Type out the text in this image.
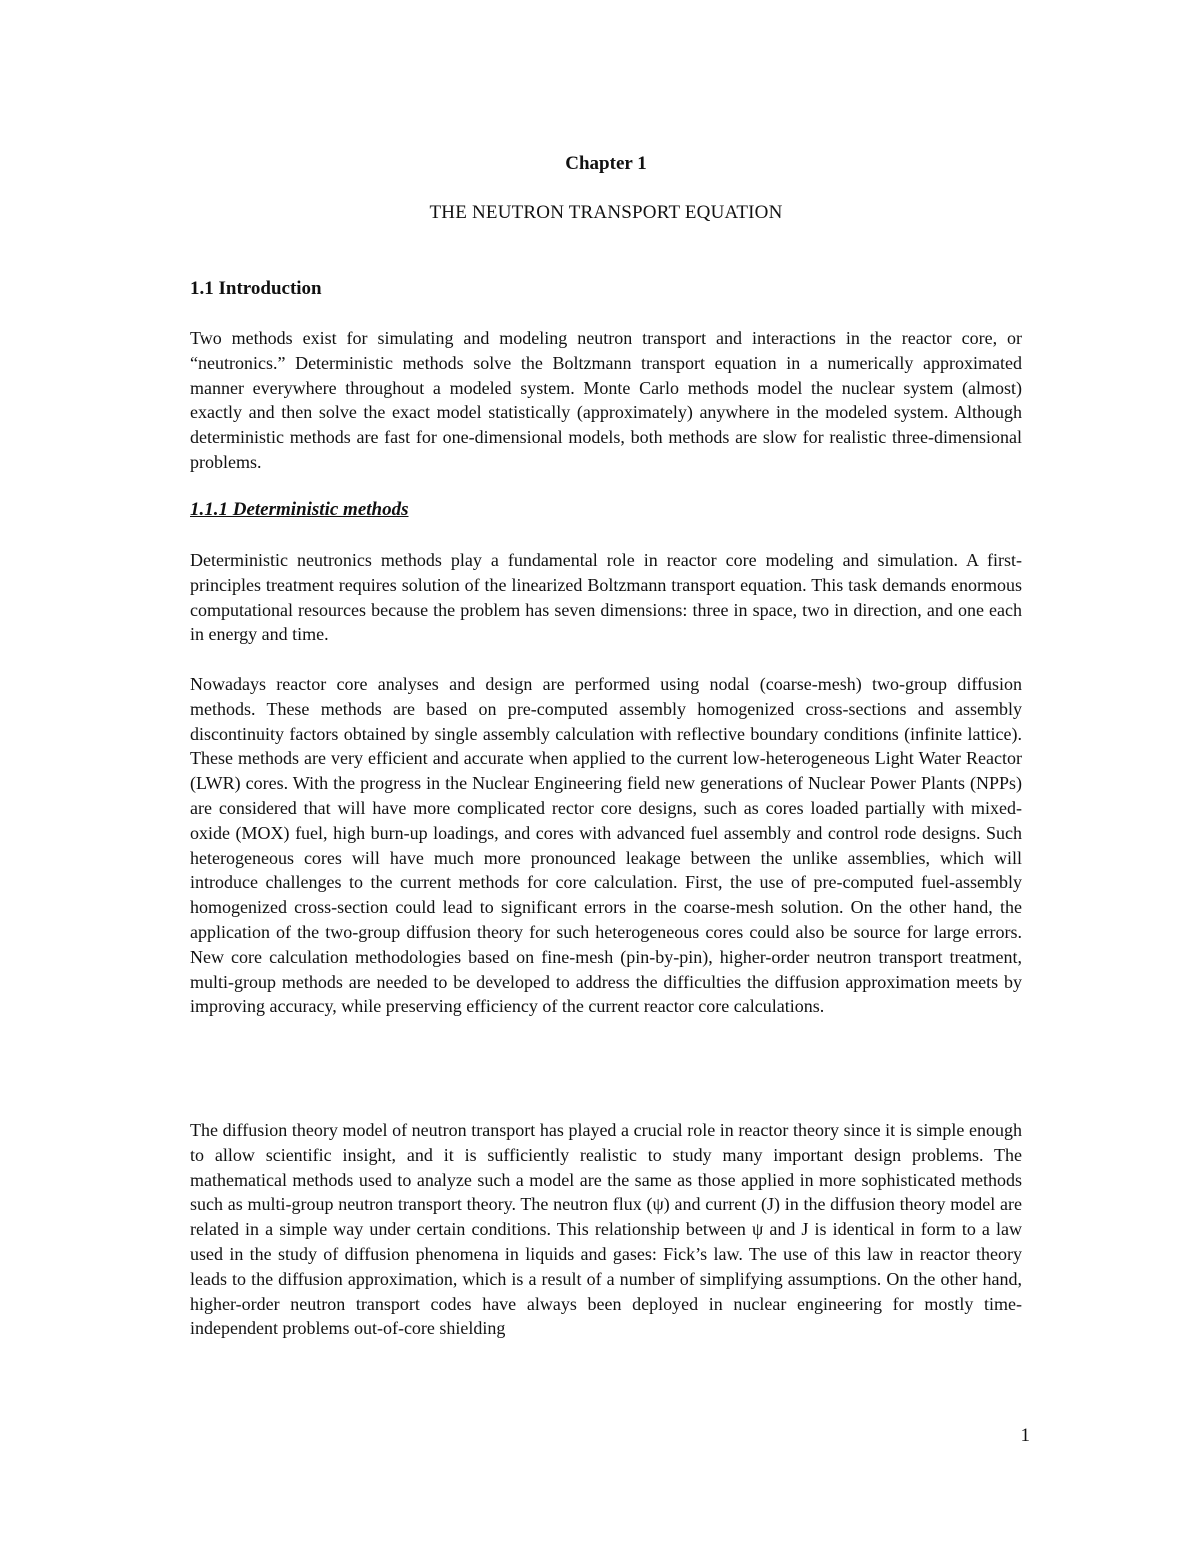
Chapter 1
THE NEUTRON TRANSPORT EQUATION
1.1 Introduction

Two methods exist for simulating and modeling neutron transport and interactions in the reactor core, or “neutronics.” Deterministic methods solve the Boltzmann transport equation in a numerically approximated manner everywhere throughout a modeled system. Monte Carlo methods model the nuclear system (almost) exactly and then solve the exact model statistically (approximately) anywhere in the modeled system. Although deterministic methods are fast for one-dimensional models, both methods are slow for realistic three-dimensional problems.

1.1.1 Deterministic methods

Deterministic neutronics methods play a fundamental role in reactor core modeling and simulation. A first-principles treatment requires solution of the linearized Boltzmann transport equation. This task demands enormous computational resources because the problem has seven dimensions: three in space, two in direction, and one each in energy and time.

Nowadays reactor core analyses and design are performed using nodal (coarse-mesh) two-group diffusion methods. These methods are based on pre-computed assembly homogenized cross-sections and assembly discontinuity factors obtained by single assembly calculation with reflective boundary conditions (infinite lattice). These methods are very efficient and accurate when applied to the current low-heterogeneous Light Water Reactor (LWR) cores. With the progress in the Nuclear Engineering field new generations of Nuclear Power Plants (NPPs) are considered that will have more complicated rector core designs, such as cores loaded partially with mixed-oxide (MOX) fuel, high burn-up loadings, and cores with advanced fuel assembly and control rode designs. Such heterogeneous cores will have much more pronounced leakage between the unlike assemblies, which will introduce challenges to the current methods for core calculation. First, the use of pre-computed fuel-assembly homogenized cross-section could lead to significant errors in the coarse-mesh solution. On the other hand, the application of the two-group diffusion theory for such heterogeneous cores could also be source for large errors. New core calculation methodologies based on fine-mesh (pin-by-pin), higher-order neutron transport treatment, multi-group methods are needed to be developed to address the difficulties the diffusion approximation meets by improving accuracy, while preserving efficiency of the current reactor core calculations.

The diffusion theory model of neutron transport has played a crucial role in reactor theory since it is simple enough to allow scientific insight, and it is sufficiently realistic to study many important design problems. The mathematical methods used to analyze such a model are the same as those applied in more sophisticated methods such as multi-group neutron transport theory. The neutron flux (ψ) and current (J) in the diffusion theory model are related in a simple way under certain conditions. This relationship between ψ and J is identical in form to a law used in the study of diffusion phenomena in liquids and gases: Fick’s law. The use of this law in reactor theory leads to the diffusion approximation, which is a result of a number of simplifying assumptions. On the other hand, higher-order neutron transport codes have always been deployed in nuclear engineering for mostly time-independent problems out-of-core shielding

1
